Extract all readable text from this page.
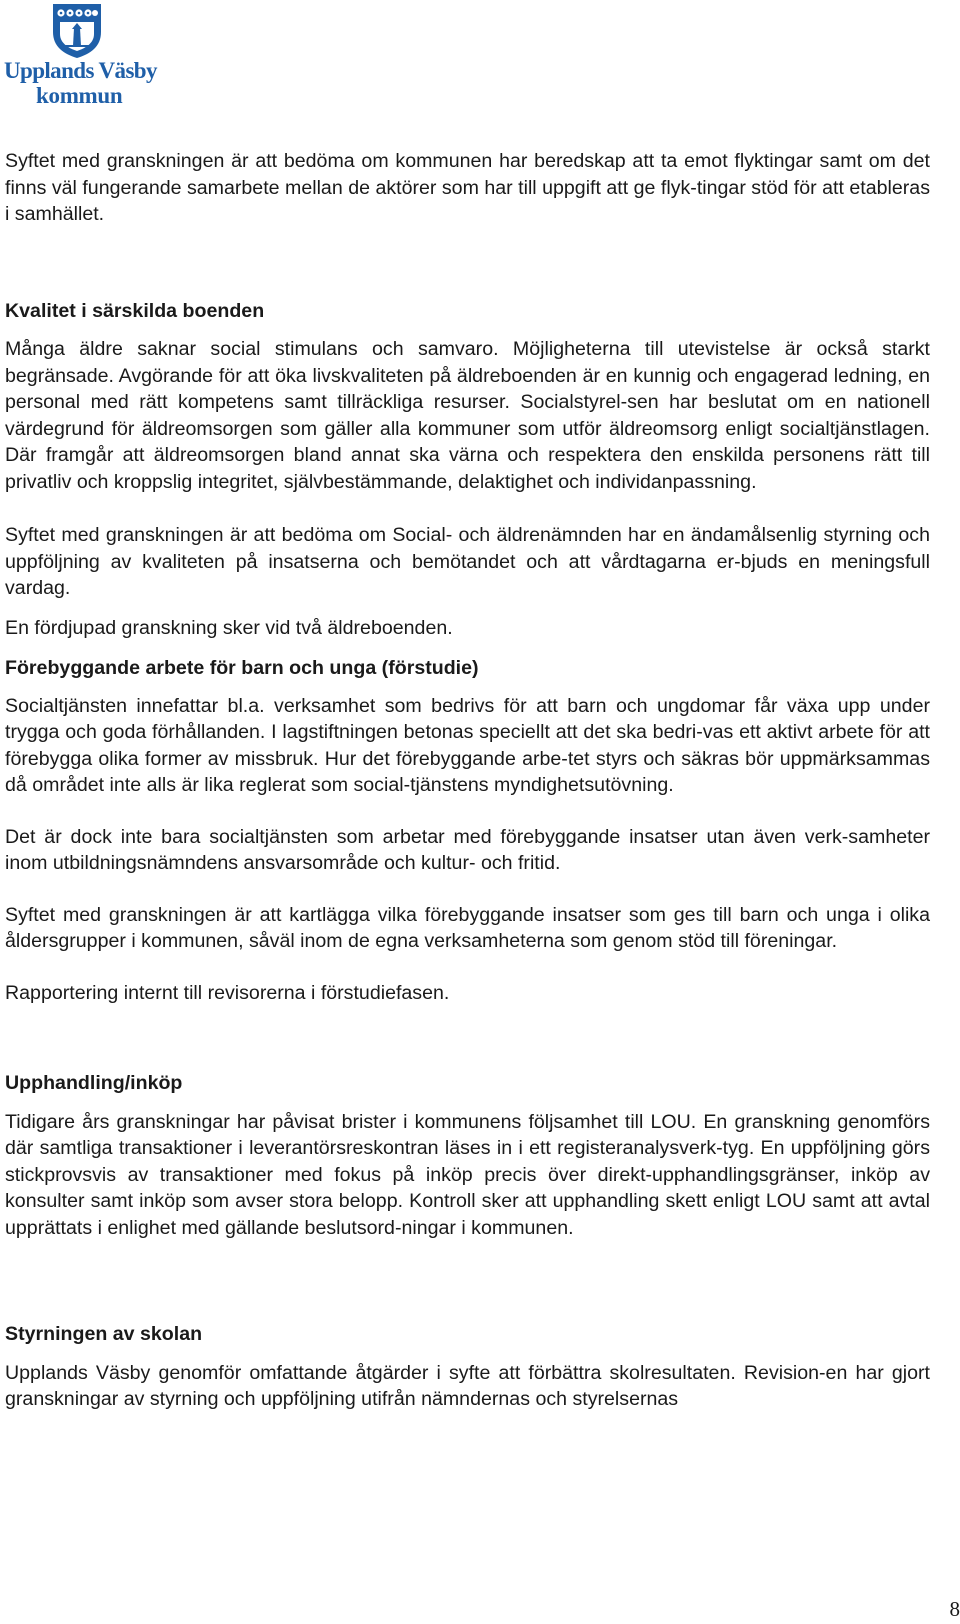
Upplands Väsby
kommun

Syftet med granskningen är att bedöma om kommunen har beredskap att ta emot flyktingar samt om det finns väl fungerande samarbete mellan de aktörer som har till uppgift att ge flyk-tingar stöd för att etableras i samhället.

Kvalitet i särskilda boenden

Många äldre saknar social stimulans och samvaro. Möjligheterna till utevistelse är också starkt begränsade. Avgörande för att öka livskvaliteten på äldreboenden är en kunnig och engagerad ledning, en personal med rätt kompetens samt tillräckliga resurser. Socialstyrel-sen har beslutat om en nationell värdegrund för äldreomsorgen som gäller alla kommuner som utför äldreomsorg enligt socialtjänstlagen. Där framgår att äldreomsorgen bland annat ska värna och respektera den enskilda personens rätt till privatliv och kroppslig integritet, självbestämmande, delaktighet och individanpassning.

Syftet med granskningen är att bedöma om Social- och äldrenämnden har en ändamålsenlig styrning och uppföljning av kvaliteten på insatserna och bemötandet och att vårdtagarna er-bjuds en meningsfull vardag.

En fördjupad granskning sker vid två äldreboenden.

Förebyggande arbete för barn och unga (förstudie)

Socialtjänsten innefattar bl.a. verksamhet som bedrivs för att barn och ungdomar får växa upp under trygga och goda förhållanden. I lagstiftningen betonas speciellt att det ska bedri-vas ett aktivt arbete för att förebygga olika former av missbruk. Hur det förebyggande arbe-tet styrs och säkras bör uppmärksammas då området inte alls är lika reglerat som social-tjänstens myndighetsutövning.

Det är dock inte bara socialtjänsten som arbetar med förebyggande insatser utan även verk-samheter inom utbildningsnämndens ansvarsområde och kultur- och fritid.

Syftet med granskningen är att kartlägga vilka förebyggande insatser som ges till barn och unga i olika åldersgrupper i kommunen, såväl inom de egna verksamheterna som genom stöd till föreningar.

Rapportering internt till revisorerna i förstudiefasen.

Upphandling/inköp

Tidigare års granskningar har påvisat brister i kommunens följsamhet till LOU. En granskning genomförs där samtliga transaktioner i leverantörsreskontran läses in i ett registeranalysverk-tyg. En uppföljning görs stickprovsvis av transaktioner med fokus på inköp precis över direkt-upphandlingsgränser, inköp av konsulter samt inköp som avser stora belopp. Kontroll sker att upphandling skett enligt LOU samt att avtal upprättats i enlighet med gällande beslutsord-ningar i kommunen.

Styrningen av skolan

Upplands Väsby genomför omfattande åtgärder i syfte att förbättra skolresultaten. Revision-en har gjort granskningar av styrning och uppföljning utifrån nämndernas och styrelsernas

8
